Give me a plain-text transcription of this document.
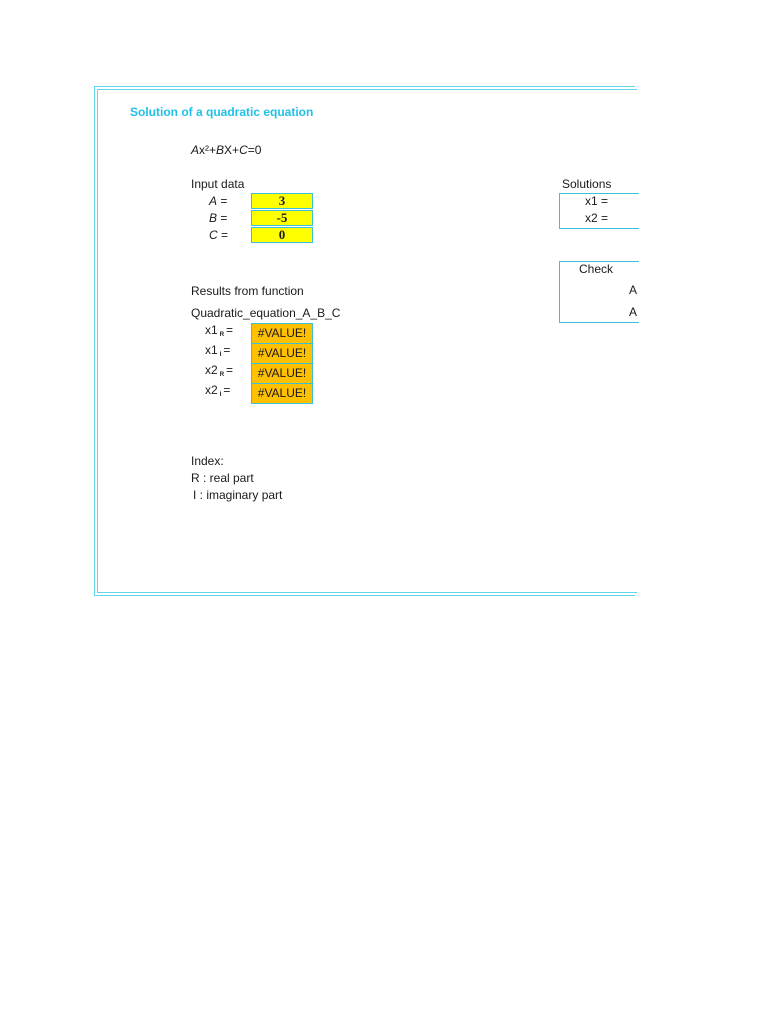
Solution of a quadratic equation
Ax²+BX+C=0
Input data
A =	3
B =	-5
C =	0
Results from function
Quadratic_equation_A_B_C
x1 $_R$ =	#VALUE!
x1 $_I$ =	#VALUE!
x2 $_R$ =	#VALUE!
x2 $_I$ =	#VALUE!
Index:
R : real part
I : imaginary part
Solutions
x1 =
x2 =
Check
A
A
